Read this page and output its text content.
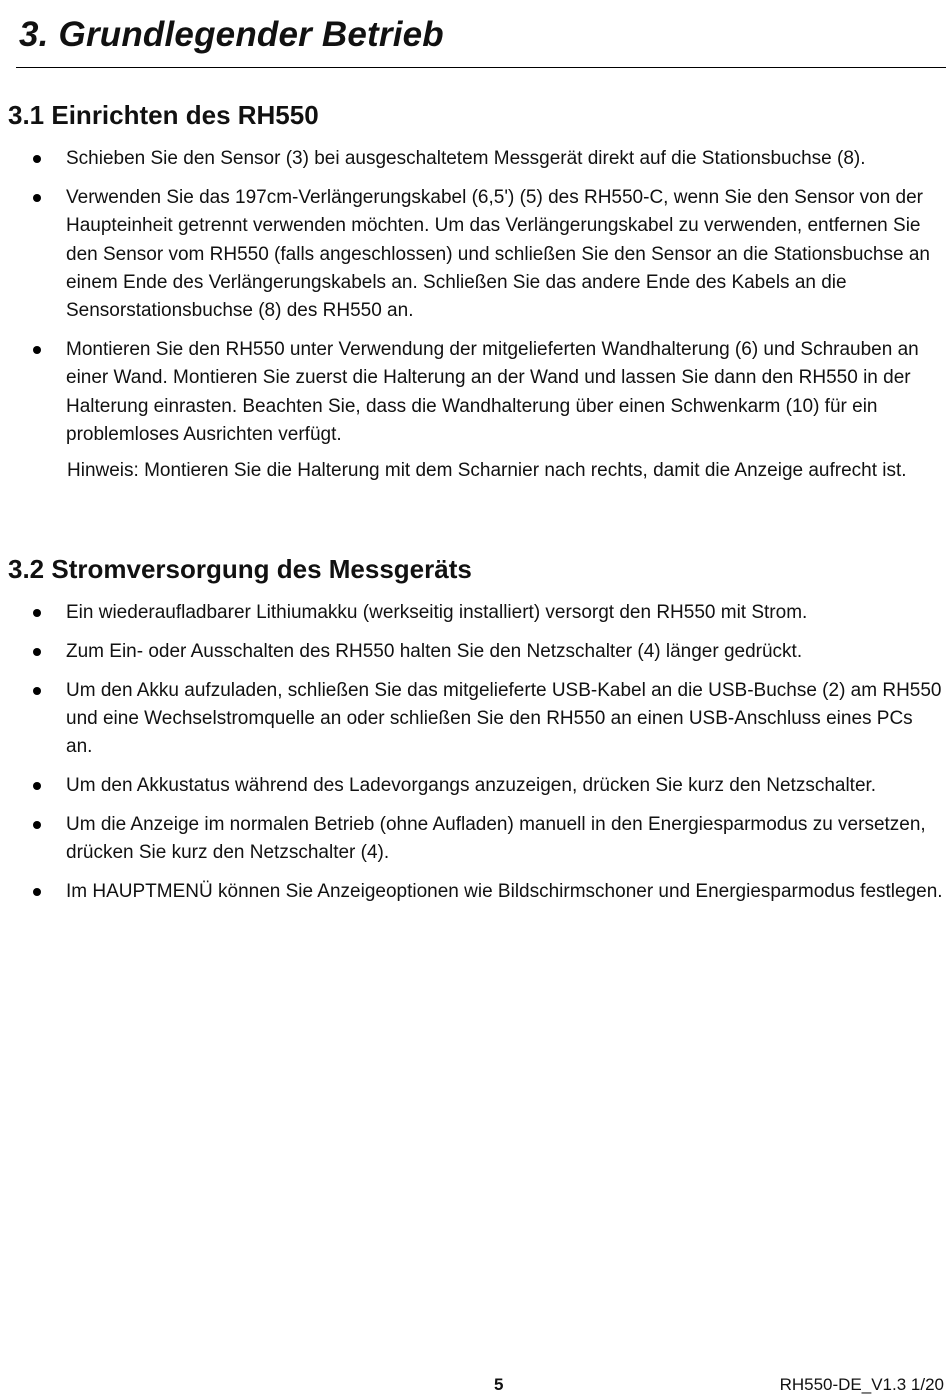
3. Grundlegender Betrieb
3.1 Einrichten des RH550
Schieben Sie den Sensor (3) bei ausgeschaltetem Messgerät direkt auf die Stationsbuchse (8).
Verwenden Sie das 197cm-Verlängerungskabel (6,5') (5) des RH550-C, wenn Sie den Sensor von der Haupteinheit getrennt verwenden möchten. Um das Verlängerungskabel zu verwenden, entfernen Sie den Sensor vom RH550 (falls angeschlossen) und schließen Sie den Sensor an die Stationsbuchse an einem Ende des Verlängerungskabels an. Schließen Sie das andere Ende des Kabels an die Sensorstationsbuchse (8) des RH550 an.
Montieren Sie den RH550 unter Verwendung der mitgelieferten Wandhalterung (6) und Schrauben an einer Wand. Montieren Sie zuerst die Halterung an der Wand und lassen Sie dann den RH550 in der Halterung einrasten. Beachten Sie, dass die Wandhalterung über einen Schwenkarm (10) für ein problemloses Ausrichten verfügt.

Hinweis: Montieren Sie die Halterung mit dem Scharnier nach rechts, damit die Anzeige aufrecht ist.

3.2 Stromversorgung des Messgeräts
Ein wiederaufladbarer Lithiumakku (werkseitig installiert) versorgt den RH550 mit Strom.
Zum Ein- oder Ausschalten des RH550 halten Sie den Netzschalter (4) länger gedrückt.
Um den Akku aufzuladen, schließen Sie das mitgelieferte USB-Kabel an die USB-Buchse (2) am RH550 und eine Wechselstromquelle an oder schließen Sie den RH550 an einen USB-Anschluss eines PCs an.
Um den Akkustatus während des Ladevorgangs anzuzeigen, drücken Sie kurz den Netzschalter.
Um die Anzeige im normalen Betrieb (ohne Aufladen) manuell in den Energiesparmodus zu versetzen, drücken Sie kurz den Netzschalter (4).
Im HAUPTMENÜ können Sie Anzeigeoptionen wie Bildschirmschoner und Energiesparmodus festlegen.
5	RH550-DE_V1.3 1/20
